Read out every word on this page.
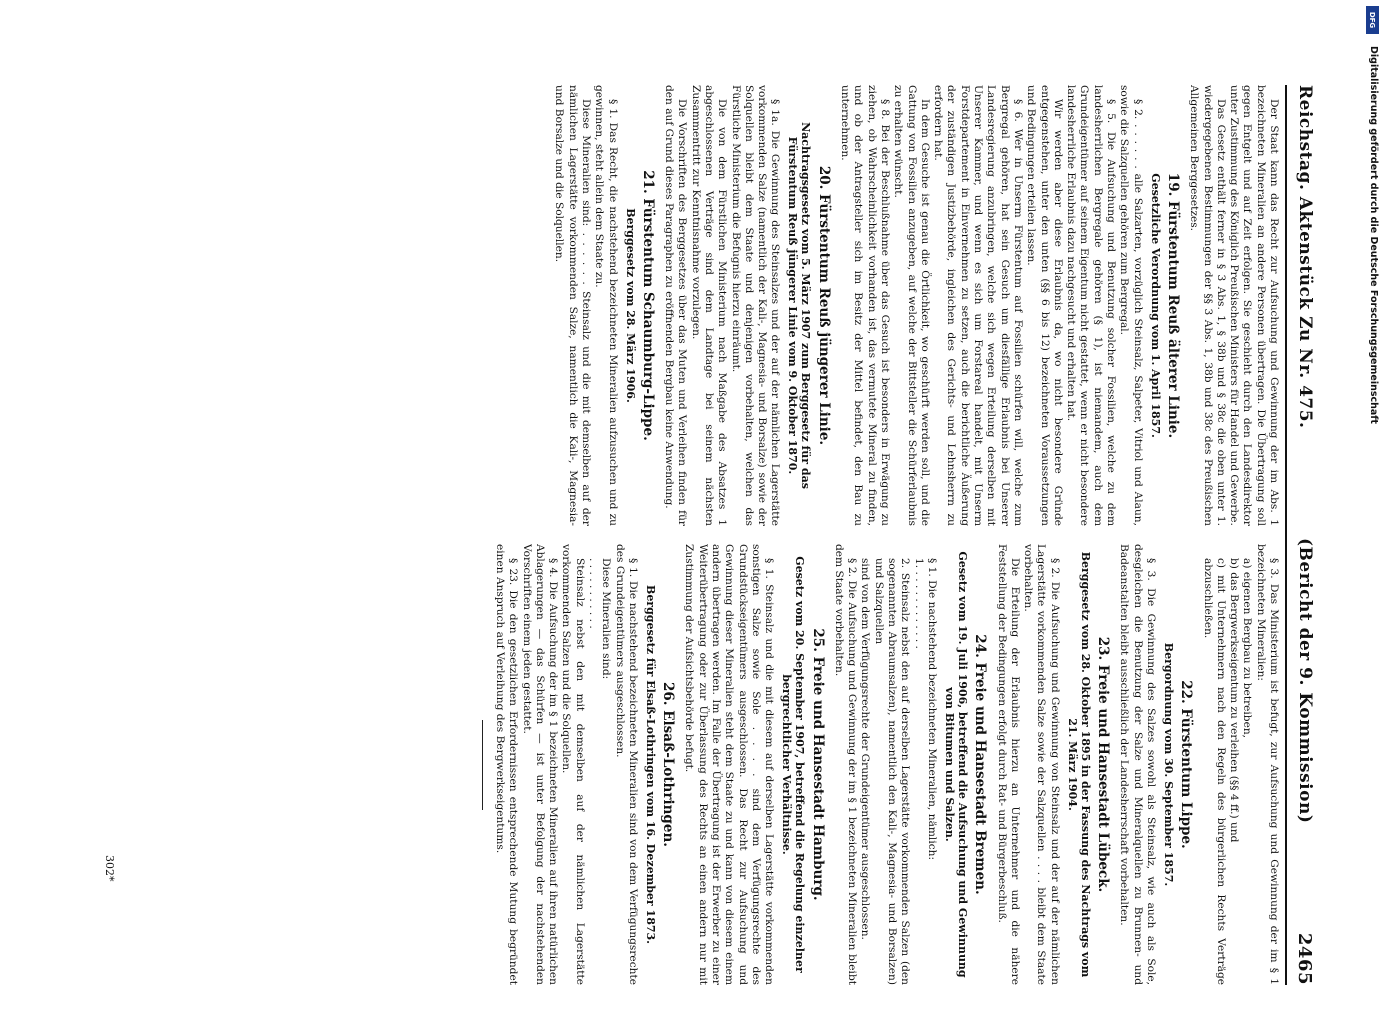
Reichstag. Aktenstück Zu Nr. 475.
(Bericht der 9. Kommission)
2465

Der Staat kann das Recht zur Aufsuchung und Gewinnung der im Abs. 1 bezeichneten Mineralien an andere Personen übertragen. Die Übertragung soll gegen Entgelt und auf Zeit erfolgen. Sie geschieht durch den Landesdirektor unter Zustimmung des Königlich Preußischen Ministers für Handel und Gewerbe.

Das Gesetz enthält ferner in § 3 Abs. 1, § 38b und § 38c die oben unter 1. wiedergegebenen Bestimmungen der §§ 3 Abs. 1, 38b und 38c des Preußischen Allgemeinen Berggesetzes.

19. Fürstentum Reuß älterer Linie.
Gesetzliche Verordnung vom 1. April 1857.

§ 2. . . . . . . alle Salzarten, vorzüglich Steinsalz, Salpeter, Vitriol und Alaun, sowie die Salzquellen gehören zum Bergregal.

§ 5. Die Aufsuchung und Benutzung solcher Fossilien, welche zu dem landesherrlichen Bergregale gehören (§ 1), ist niemandem, auch dem Grundeigentümer auf seinem Eigentum nicht gestattet, wenn er nicht besondere landesherrliche Erlaubnis dazu nachgesucht und erhalten hat.

Wir werden aber diese Erlaubnis da, wo nicht besondere Gründe entgegenstehen, unter den unten (§§ 6 bis 12) bezeichneten Voraussetzungen und Bedingungen erteilen lassen.

§ 6. Wer in Unserm Fürstentum auf Fossilien schürfen will, welche zum Bergregal gehören, hat sein Gesuch um diesfällige Erlaubnis bei Unserer Landesregierung anzubringen, welche sich wegen Erteilung derselben mit Unserer Kammer, und wenn es sich um Forstareal handelt, mit Unserm Forstdepartement in Einvernehmen zu setzen, auch die berichtliche Äußerung der zuständigen Justizbehörde, ingleichen des Gerichts- und Lehnsherrn zu erfordern hat.

In dem Gesuche ist genau die Örtlichkeit, wo geschürft werden soll, und die Gattung von Fossilien anzugeben, auf welche der Bittsteller die Schürferlaubnis zu erhalten wünscht.

§ 8. Bei der Beschlußnahme über das Gesuch ist besonders in Erwägung zu ziehen, ob Wahrscheinlichkeit vorhanden ist, das vermutete Mineral zu finden, und ob der Antragsteller sich im Besitz der Mittel befindet, den Bau zu unternehmen.

20. Fürstentum Reuß jüngerer Linie.
Nachtragsgesetz vom 5. März 1907 zum Berggesetz für das Fürstentum Reuß jüngerer Linie vom 9. Oktober 1870.

§ 1a. Die Gewinnung des Steinsalzes und der auf der nämlichen Lagerstätte vorkommenden Salze (namentlich der Kali-, Magnesia- und Borsalze) sowie der Solquellen bleibt dem Staate und denjenigen vorbehalten, welchen das Fürstliche Ministerium die Befugnis hierzu einräumt.

Die von dem Fürstlichen Ministerium nach Maßgabe des Absatzes 1 abgeschlossenen Verträge sind dem Landtage bei seinem nächsten Zusammentritt zur Kenntnisnahme vorzulegen.

Die Vorschriften des Berggesetzes über das Muten und Verleihen finden für den auf Grund dieses Paragraphen zu eröffnenden Bergbau keine Anwendung.

21. Fürstentum Schaumburg-Lippe.
Berggesetz vom 28. März 1906.

§ 1. Das Recht, die nachstehend bezeichneten Mineralien aufzusuchen und zu gewinnen, steht allein dem Staate zu.

Diese Mineralien sind: . . . . . . Steinsalz und die mit demselben auf der nämlichen Lagerstätte vorkommenden Salze, namentlich die Kali-, Magnesia- und Borsalze und die Solquellen.

§ 3. Das Ministerium ist befugt, zur Aufsuchung und Gewinnung der im § 1 bezeichneten Mineralien:

a) eigenen Bergbau zu betreiben,

b) das Bergwerkseigentum zu verleihen (§§ 4 ff.) und

c) mit Unternehmern nach den Regeln des bürgerlichen Rechts Verträge abzuschließen.

22. Fürstentum Lippe.
Bergordnung vom 30. September 1857.

§ 3. Die Gewinnung des Salzes sowohl als Steinsalz, wie auch als Sole, desgleichen die Benutzung der Salze und Mineralquellen zu Brunnen- und Badeanstalten bleibt ausschließlich der Landesherrschaft vorbehalten.

23. Freie und Hansestadt Lübeck.
Berggesetz vom 28. Oktober 1895 in der Fassung des Nachtrags vom 21. März 1904.

§ 2. Die Aufsuchung und Gewinnung von Steinsalz und der auf der nämlichen Lagerstätte vorkommenden Salze sowie der Salzquellen . . . . bleibt dem Staate vorbehalten.

Die Erteilung der Erlaubnis hierzu an Unternehmer und die nähere Feststellung der Bedingungen erfolgt durch Rat- und Bürgerbeschluß.

24. Freie und Hansestadt Bremen.
Gesetz vom 19. Juli 1906, betreffend die Aufsuchung und Gewinnung von Bitumen und Salzen.

§ 1. Die nachstehend bezeichneten Mineralien, nämlich:

1. . . . . . . . . . . . .

2. Steinsalz nebst den auf derselben Lagerstätte vorkommenden Salzen (den sogenannten Abraumsalzen), namentlich den Kali-, Magnesia- und Borsalzen) und Salzquellen

sind von dem Verfügungsrechte der Grundeigentümer ausgeschlossen.

§ 2. Die Aufsuchung und Gewinnung der im § 1 bezeichneten Mineralien bleibt dem Staate vorbehalten.

25. Freie und Hansestadt Hamburg.
Gesetz vom 20. September 1907, betreffend die Regelung einzelner bergrechtlicher Verhältnisse.

§ 1. Steinsalz und die mit diesem auf derselben Lagerstätte vorkommenden sonstigen Salze sowie Sole . . . . sind dem Verfügungsrechte des Grundstückseigentümers ausgeschlossen. Das Recht zur Aufsuchung und Gewinnung dieser Mineralien steht dem Staate zu und kann von diesem einem andern übertragen werden. Im Falle der Übertragung ist der Erwerber zu einer Weiterübertragung oder zur Überlassung des Rechts an einen andern nur mit Zustimmung der Aufsichtsbehörde befugt.

26. Elsaß-Lothringen.
Berggesetz für Elsaß-Lothringen vom 16. Dezember 1873.

§ 1. Die nachstehend bezeichneten Mineralien sind von dem Verfügungsrechte des Grundeigentümers ausgeschlossen.

Diese Mineralien sind:

. . . . . . . . . . .

Steinsalz nebst den mit demselben auf der nämlichen Lagerstätte vorkommenden Salzen und die Solquellen.

§ 4. Die Aufsuchung der im § 1 bezeichneten Mineralien auf ihren natürlichen Ablagerungen — das Schürfen — ist unter Befolgung der nachstehenden Vorschriften einem jeden gestattet.

§ 23. Die den gesetzlichen Erfordernissen entsprechende Mutung begründet einen Anspruch auf Verleihung des Bergwerkseigentums.

302*
Digitalisierung gefördert durch die Deutsche Forschungsgemeinschaft
DFG
